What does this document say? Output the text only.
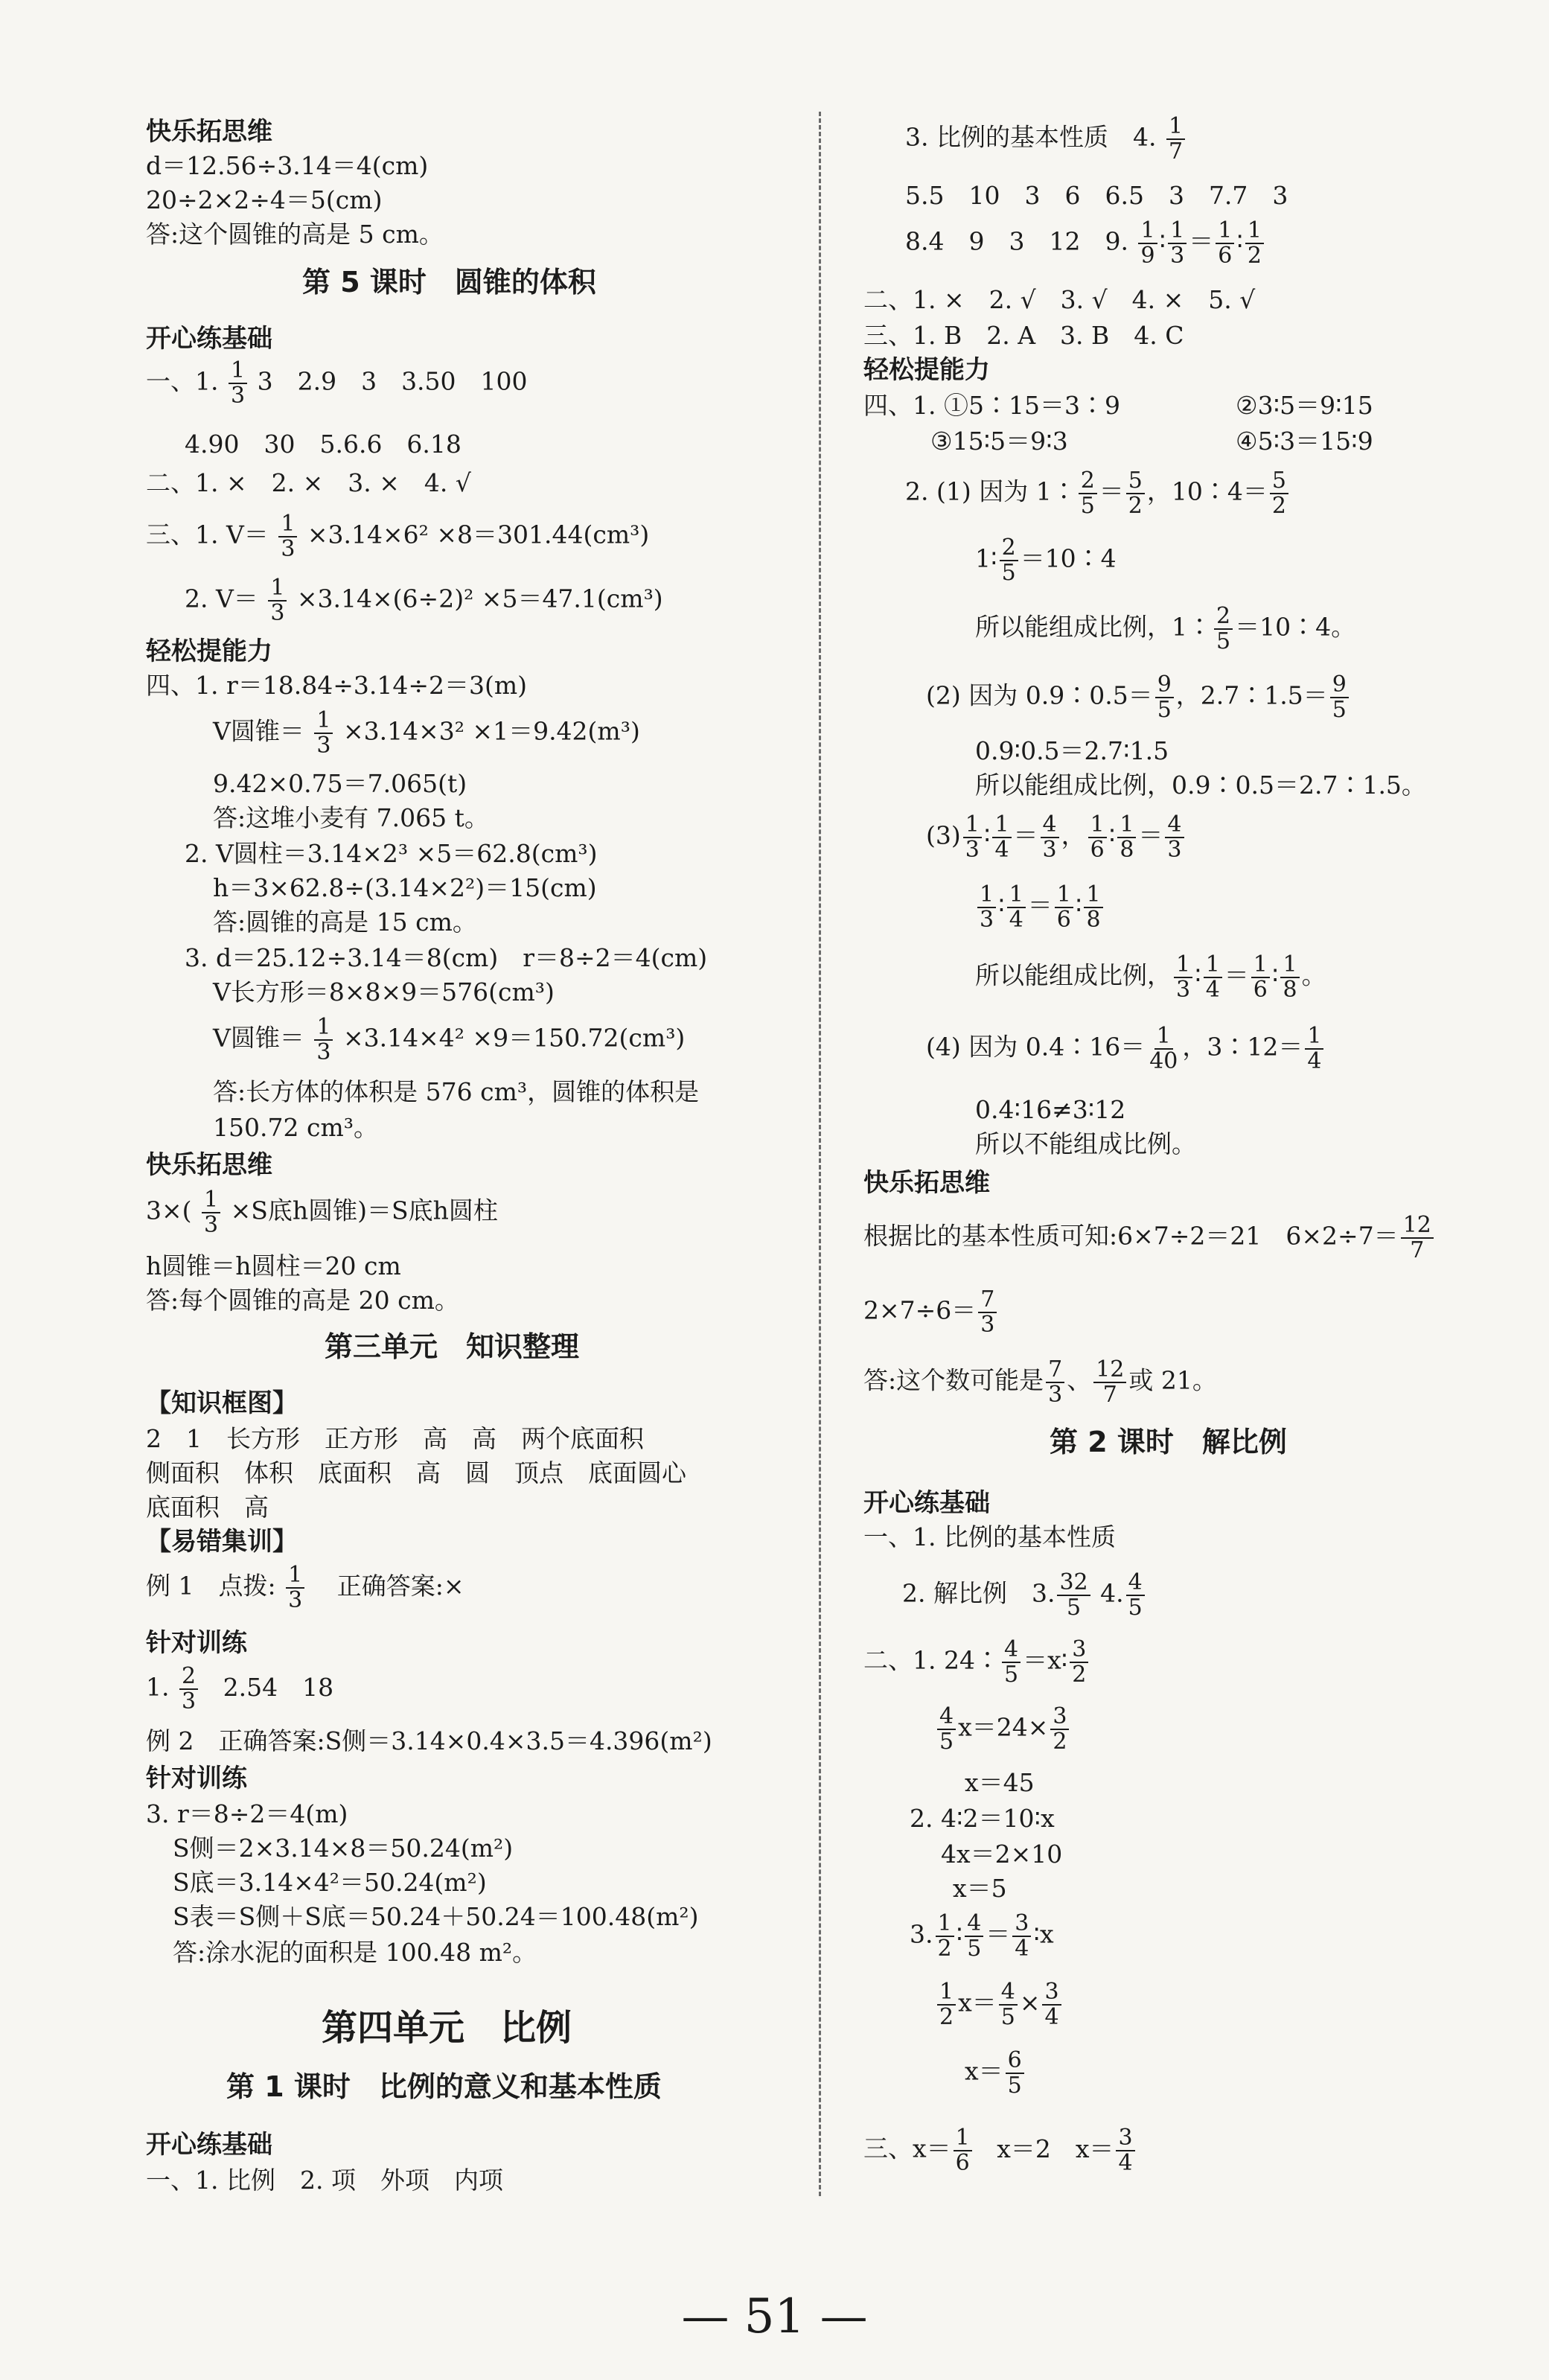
快乐拓思维
d＝12.56÷3.14＝4(cm)
20÷2×2÷4＝5(cm)
答:这个圆锥的高是 5 cm。
第 5 课时　圆锥的体积
开心练基础
一、1. $\frac{1}{3} 3$　2.9　3　3.50　100
4.90　30　5.6.6　6.18
二、1. ×　2. ×　3. ×　4. √
三、1. $V= \frac{1}{3} \times 3.14\times 6^2 \times 8=301.44(cm^3)$
2. $V= \frac{1}{3} \times 3.14\times(6\div 2)^2 \times 5=47.1(cm^3)$
轻松提能力
四、1. r＝18.84÷3.14÷2＝3(m)
V圆锥＝ $\frac{1}{3} \times 3.14\times 3^2 \times 1=9.42(m^3)$
9.42×0.75＝7.065(t)
答:这堆小麦有 7.065 t。
2. V圆柱＝3.14×2³ ×5＝62.8(cm³)
h＝3×62.8÷(3.14×2²)＝15(cm)
答:圆锥的高是 15 cm。
3. d＝25.12÷3.14＝8(cm)　r＝8÷2＝4(cm)
V长方形＝8×8×9＝576(cm³)
V圆锥＝ $\frac{1}{3} \times 3.14\times 4^2 \times 9=150.72(cm^3)$
答:长方体的体积是 576 cm³，圆锥的体积是
150.72 cm³。
快乐拓思维
$3\times( \frac{1}{3} \times S$底h圆锥)＝S底h圆柱
h圆锥＝h圆柱＝20 cm
答:每个圆锥的高是 20 cm。
第三单元　知识整理
【知识框图】
2　1　长方形　正方形　高　高　两个底面积
侧面积　体积　底面积　高　圆　顶点　底面圆心
底面积　高
【易错集训】
例 1　点拨: $\frac{1}{3}$ 正确答案:×
针对训练
1. $\frac{2}{3} 2.54$　18
例 2　正确答案:S侧＝3.14×0.4×3.5＝4.396(m²)
针对训练
3. r＝8÷2＝4(m)
S侧＝2×3.14×8＝50.24(m²)
S底＝3.14×4²＝50.24(m²)
S表＝S侧＋S底＝50.24＋50.24＝100.48(m²)
答:涂水泥的面积是 100.48 m²。
第四单元　比例
第 1 课时　比例的意义和基本性质
开心练基础
一、1. 比例　2. 项　外项　内项
3. 比例的基本性质　4. $\frac{1}{7}$
5.5　10　3　6　6.5　3　7.7　3
8.4　9　3　12　9. $\frac{1}{9}$ ∶ $\frac{1}{3} = \frac{1}{6}$ ∶ $\frac{1}{2}$
二、1. ×　2. √　3. √　4. ×　5. √
三、1. B　2. A　3. B　4. C
轻松提能力
四、1. ①5∶15＝3∶9	②3∶5＝9∶15
③15∶5＝9∶3	④5∶3＝15∶9
2. (1) 因为 1∶ $\frac{2}{5} = \frac{5}{2}$ ，10∶4＝ $\frac{5}{2}$
1∶ $\frac{2}{5}$ ＝10∶4
所以能组成比例，1∶ $\frac{2}{5}$ ＝10∶4。
(2) 因为 0.9∶0.5＝ $\frac{9}{5}$ ，2.7∶1.5＝ $\frac{9}{5}$
0.9∶0.5＝2.7∶1.5
所以能组成比例，0.9∶0.5＝2.7∶1.5。
$(3) \frac{1}{3}$ ∶ $\frac{1}{4} = \frac{4}{3}$ ， $\frac{1}{6}$ ∶ $\frac{1}{8} = \frac{4}{3}$
$\frac{1}{3}$ ∶ $\frac{1}{4} = \frac{1}{6}$ ∶ $\frac{1}{8}$
所以能组成比例， $\frac{1}{3}$ ∶ $\frac{1}{4} = \frac{1}{6}$ ∶ $\frac{1}{8}$ 。
(4) 因为 0.4∶16＝ $\frac{1}{40}$ ，3∶12＝ $\frac{1}{4}$
0.4∶16≠3∶12
所以不能组成比例。
快乐拓思维
根据比的基本性质可知:6×7÷2＝21　$6\times 2\div 7= \frac{12}{7}$
$2\times 7\div 6= \frac{7}{3}$
答:这个数可能是 $\frac{7}{3}$ 、 $\frac{12}{7}$ 或 21。
第 2 课时　解比例
开心练基础
一、1. 比例的基本性质
2. 解比例　3. $\frac{32}{5} 4$. $\frac{4}{5}$
二、1. 24∶ $\frac{4}{5}$ ＝x∶ $\frac{3}{2}$
$\frac{4}{5} x=24\times \frac{3}{2}$
x＝45
2. 4∶2＝10∶x
4x＝2×10
x＝5
3. $\frac{1}{2}$ ∶ $\frac{4}{5} = \frac{3}{4}$ ∶x
$\frac{1}{2} x= \frac{4}{5} \times \frac{3}{4}$
$x= \frac{6}{5}$
三、$x= \frac{1}{6} x=2$　$x= \frac{3}{4}$
— 51 —
